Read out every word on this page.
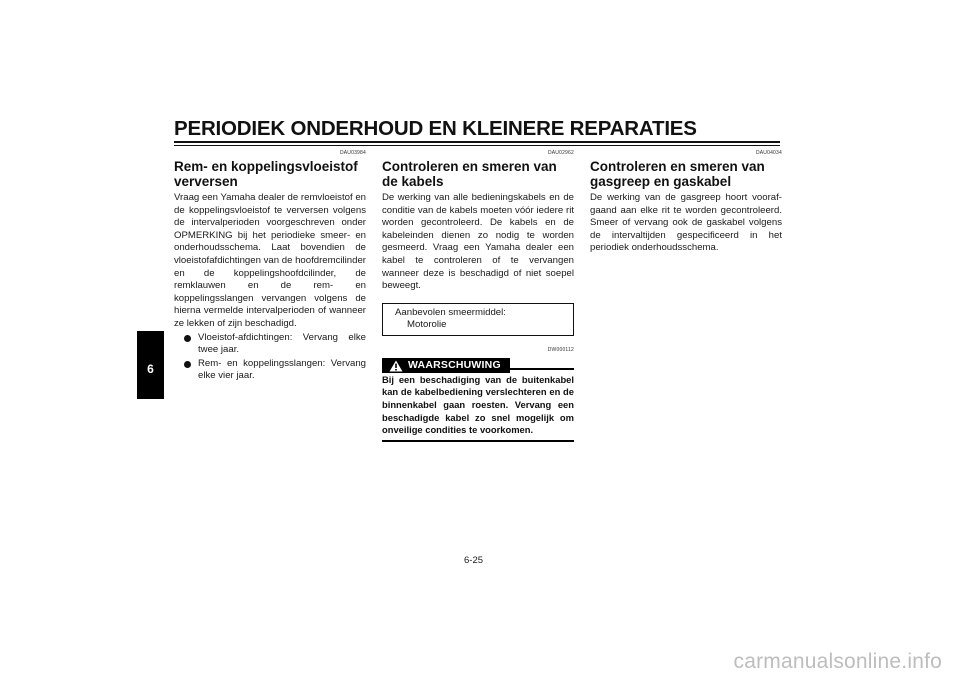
PERIODIEK ONDERHOUD EN KLEINERE REPARATIES
6
DAU03984
Rem- en koppelingsvloeistof verversen

Vraag een Yamaha dealer de remvloeistof en de koppelingsvloeistof te verversen volgens de intervalperioden voorgeschreven onder OPMERKING bij het periodieke smeer- en onderhoudsschema. Laat bovendien de vloeistofafdichtingen van de hoofdremcilinder en de koppelingshoofdcilinder, de remklauwen en de rem- en koppelingsslangen vervangen volgens de hierna vermelde intervalperioden of wanneer ze lekken of zijn beschadigd.

Vloeistof-afdichtingen: Vervang elke twee jaar.
Rem- en koppelingsslangen: Vervang elke vier jaar.
DAU02962
Controleren en smeren van de kabels

De werking van alle bedieningskabels en de conditie van de kabels moeten vóór iedere rit worden gecontroleerd. De kabels en de kabeleinden dienen zo nodig te worden gesmeerd. Vraag een Yamaha dealer een kabel te controleren of te vervangen wanneer deze is beschadigd of niet soepel beweegt.

Aanbevolen smeermiddel:
Motorolie
DW000112
WAARSCHUWING

Bij een beschadiging van de buitenkabel kan de kabelbediening verslechteren en de binnenkabel gaan roesten. Vervang een beschadigde kabel zo snel mogelijk om onveilige condities te voorkomen.

DAU04034
Controleren en smeren van gasgreep en gaskabel

De werking van de gasgreep hoort vooraf-gaand aan elke rit te worden gecontroleerd. Smeer of vervang ook de gaskabel volgens de intervaltijden gespecificeerd in het periodiek onderhoudsschema.

6-25
carmanualsonline.info
